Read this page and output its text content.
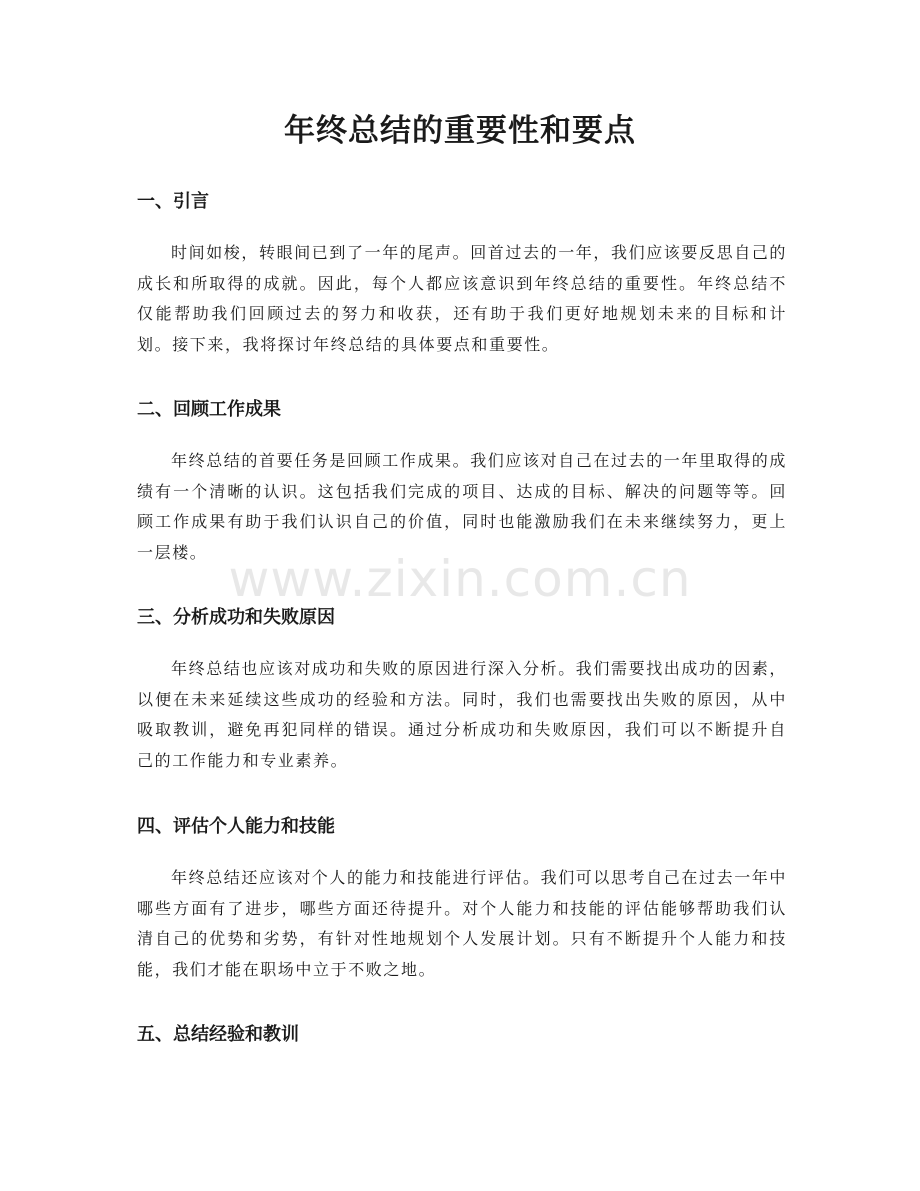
年终总结的重要性和要点
一、引言

时间如梭，转眼间已到了一年的尾声。回首过去的一年，我们应该要反思自己的成长和所取得的成就。因此，每个人都应该意识到年终总结的重要性。年终总结不仅能帮助我们回顾过去的努力和收获，还有助于我们更好地规划未来的目标和计划。接下来，我将探讨年终总结的具体要点和重要性。

二、回顾工作成果

年终总结的首要任务是回顾工作成果。我们应该对自己在过去的一年里取得的成绩有一个清晰的认识。这包括我们完成的项目、达成的目标、解决的问题等等。回顾工作成果有助于我们认识自己的价值，同时也能激励我们在未来继续努力，更上一层楼。

三、分析成功和失败原因

年终总结也应该对成功和失败的原因进行深入分析。我们需要找出成功的因素，以便在未来延续这些成功的经验和方法。同时，我们也需要找出失败的原因，从中吸取教训，避免再犯同样的错误。通过分析成功和失败原因，我们可以不断提升自己的工作能力和专业素养。

四、评估个人能力和技能

年终总结还应该对个人的能力和技能进行评估。我们可以思考自己在过去一年中哪些方面有了进步，哪些方面还待提升。对个人能力和技能的评估能够帮助我们认清自己的优势和劣势，有针对性地规划个人发展计划。只有不断提升个人能力和技能，我们才能在职场中立于不败之地。

五、总结经验和教训
www.zixin.com.cn
